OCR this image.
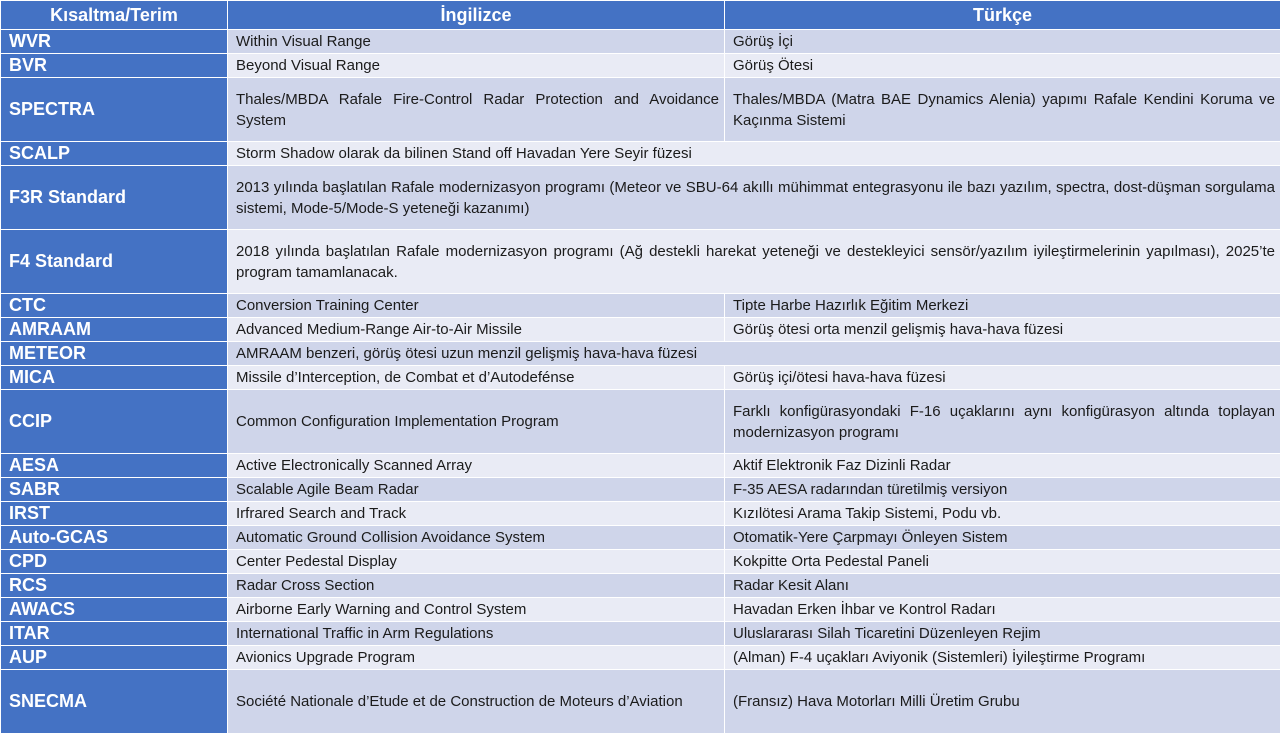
Kısaltma/Terim	İngilizce	Türkçe
WVR	Within Visual Range	Görüş İçi
BVR	Beyond Visual Range	Görüş Ötesi
SPECTRA	Thales/MBDA Rafale Fire-Control Radar Protection and Avoidance System	Thales/MBDA (Matra BAE Dynamics Alenia) yapımı Rafale Kendini Koruma ve Kaçınma Sistemi
SCALP	Storm Shadow olarak da bilinen Stand off Havadan Yere Seyir füzesi	
F3R Standard	2013 yılında başlatılan Rafale modernizasyon programı (Meteor ve SBU-64 akıllı mühimmat entegrasyonu ile bazı yazılım, spectra, dost-düşman sorgulama sistemi, Mode-5/Mode-S yeteneği kazanımı)	
F4 Standard	2018 yılında başlatılan Rafale modernizasyon programı (Ağ destekli harekat yeteneği ve destekleyici sensör/yazılım iyileştirmelerinin yapılması), 2025’te program tamamlanacak.	
CTC	Conversion Training Center	Tipte Harbe Hazırlık Eğitim Merkezi
AMRAAM	Advanced Medium-Range Air-to-Air Missile	Görüş ötesi orta menzil gelişmiş hava-hava füzesi
METEOR	AMRAAM benzeri, görüş ötesi uzun menzil gelişmiş hava-hava füzesi	
MICA	Missile d’Interception, de Combat et d’Autodefénse	Görüş içi/ötesi hava-hava füzesi
CCIP	Common Configuration Implementation Program	Farklı konfigürasyondaki F-16 uçaklarını aynı konfigürasyon altında toplayan modernizasyon programı
AESA	Active Electronically Scanned Array	Aktif Elektronik Faz Dizinli Radar
SABR	Scalable Agile Beam Radar	F-35 AESA radarından türetilmiş versiyon
IRST	Irfrared Search and Track	Kızılötesi Arama Takip Sistemi, Podu vb.
Auto-GCAS	Automatic Ground Collision Avoidance System	Otomatik-Yere Çarpmayı Önleyen Sistem
CPD	Center Pedestal Display	Kokpitte Orta Pedestal Paneli
RCS	Radar Cross Section	Radar Kesit Alanı
AWACS	Airborne Early Warning and Control System	Havadan Erken İhbar ve Kontrol Radarı
ITAR	International Traffic in Arm Regulations	Uluslararası Silah Ticaretini Düzenleyen Rejim
AUP	Avionics Upgrade Program	(Alman) F-4 uçakları Aviyonik (Sistemleri) İyileştirme Programı
SNECMA	Société Nationale d’Etude et de Construction de Moteurs d’Aviation	(Fransız) Hava Motorları Milli Üretim Grubu
